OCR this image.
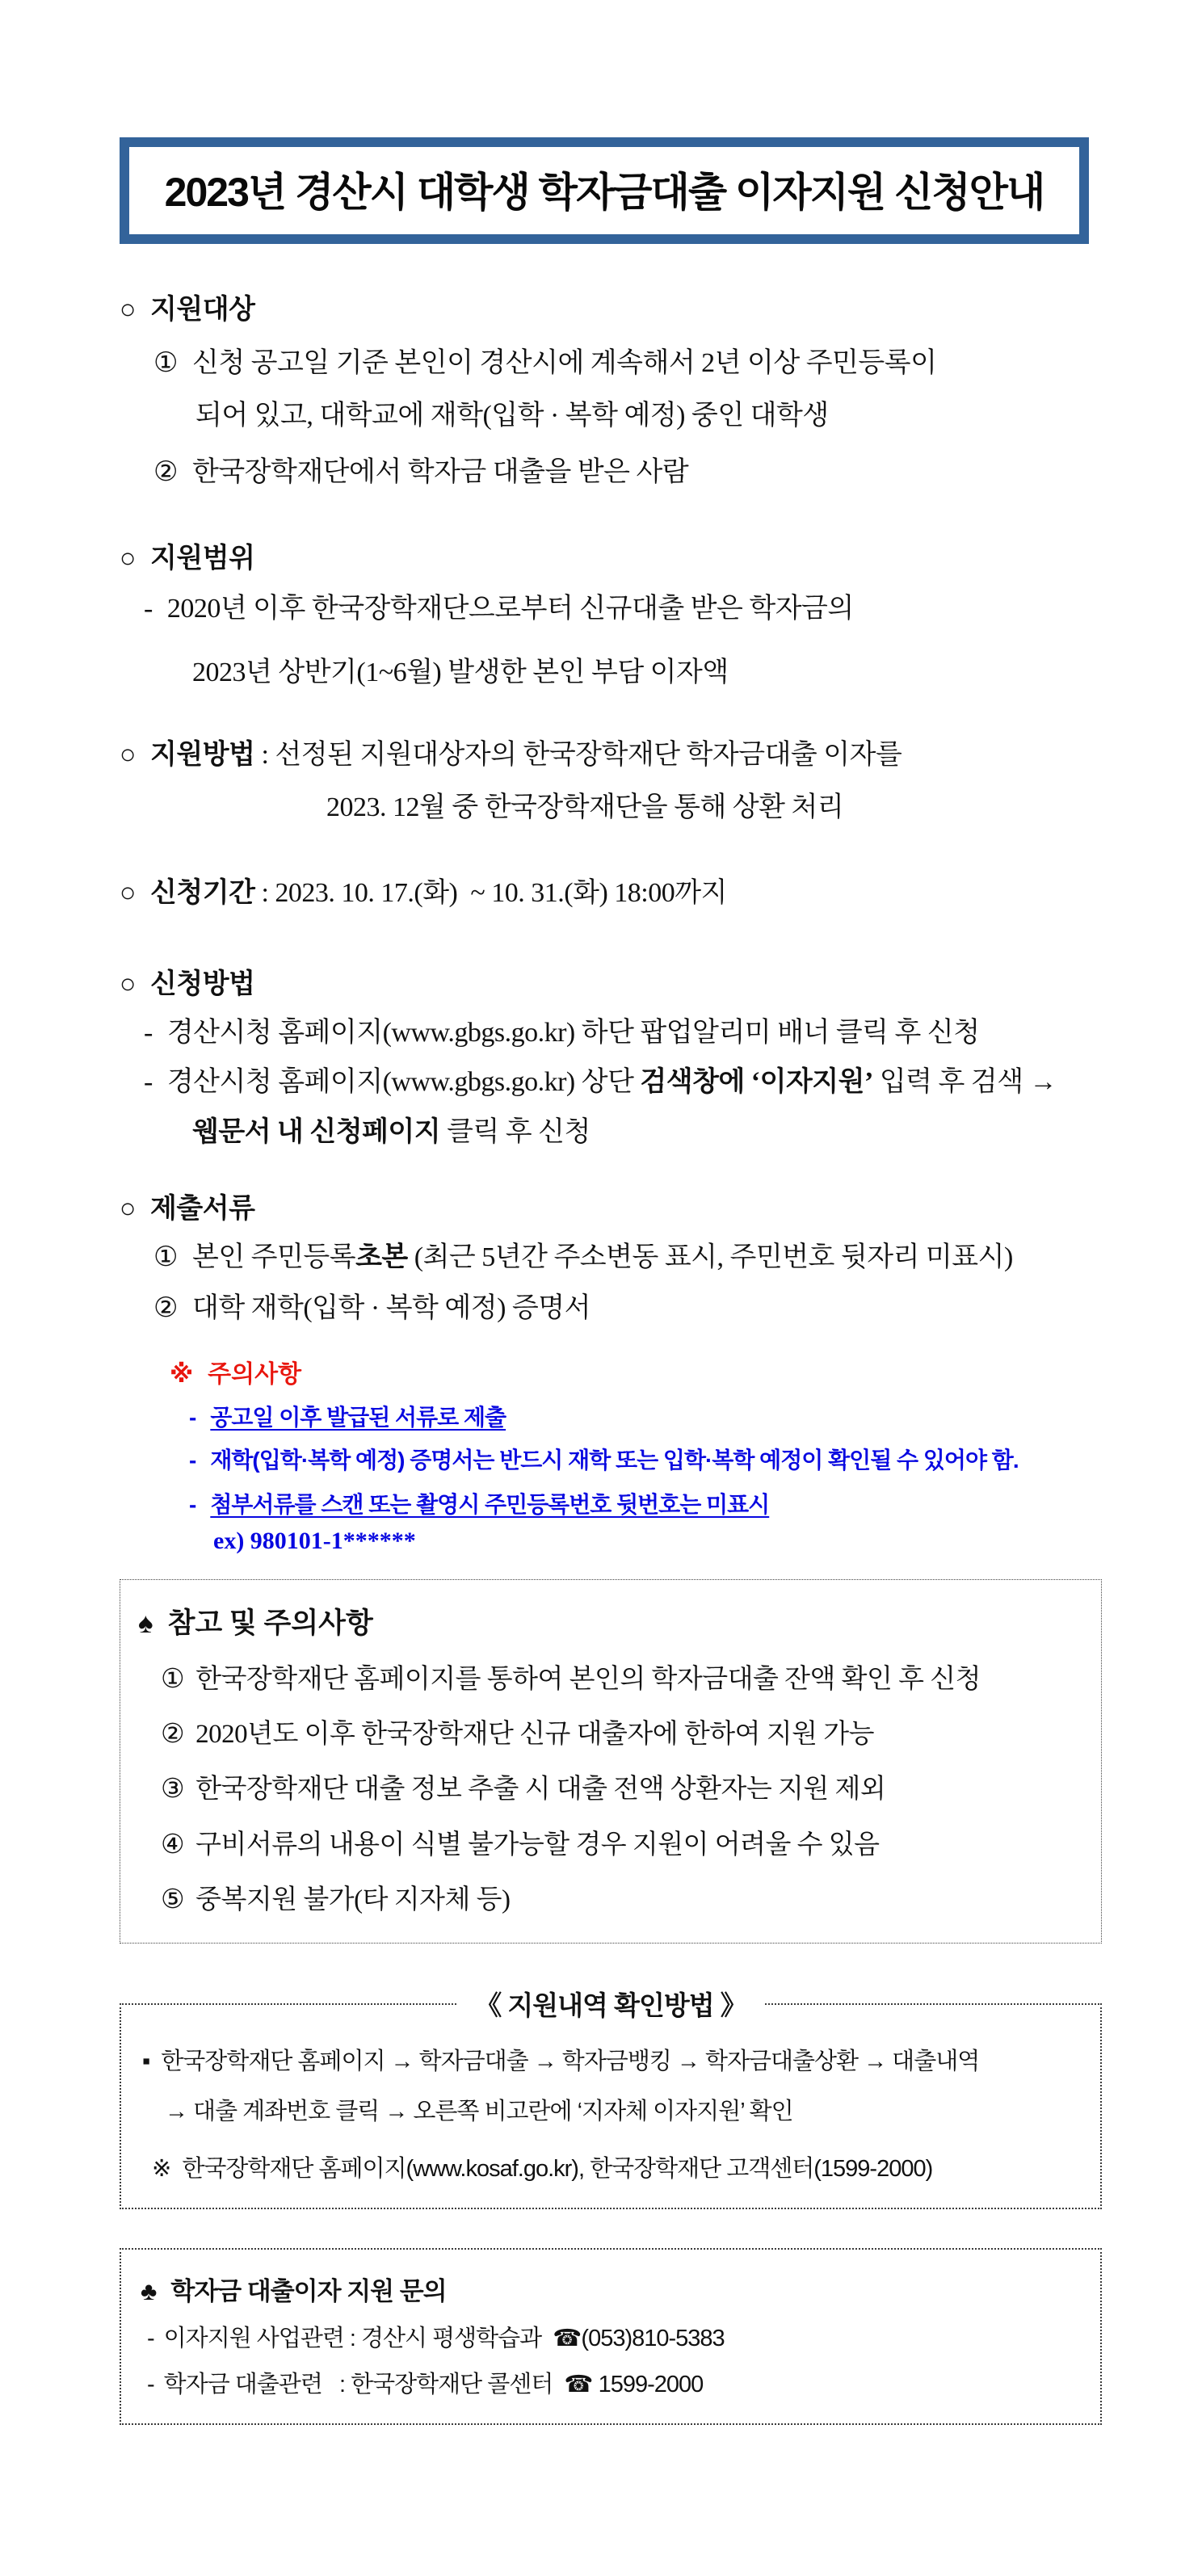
2023년 경산시 대학생 학자금대출 이자지원 신청안내
○ 지원대상
① 신청 공고일 기준 본인이 경산시에 계속해서 2년 이상 주민등록이
되어 있고, 대학교에 재학(입학 · 복학 예정) 중인 대학생
② 한국장학재단에서 학자금 대출을 받은 사람
○ 지원범위
- 2020년 이후 한국장학재단으로부터 신규대출 받은 학자금의
2023년 상반기(1~6월) 발생한 본인 부담 이자액
○ 지원방법 : 선정된 지원대상자의 한국장학재단 학자금대출 이자를
2023. 12월 중 한국장학재단을 통해 상환 처리
○ 신청기간 : 2023. 10. 17.(화)  ~ 10. 31.(화) 18:00까지
○ 신청방법
- 경산시청 홈페이지(www.gbgs.go.kr) 하단 팝업알리미 배너 클릭 후 신청
- 경산시청 홈페이지(www.gbgs.go.kr) 상단 검색창에 ‘이자지원’ 입력 후 검색 →
웹문서 내 신청페이지 클릭 후 신청
○ 제출서류
① 본인 주민등록초본 (최근 5년간 주소변동 표시, 주민번호 뒷자리 미표시)
② 대학 재학(입학 · 복학 예정) 증명서
※ 주의사항
- 공고일 이후 발급된 서류로 제출
- 재학(입학·복학 예정) 증명서는 반드시 재학 또는 입학·복학 예정이 확인될 수 있어야 함.
- 첨부서류를 스캔 또는 촬영시 주민등록번호 뒷번호는 미표시
ex) 980101-1******
♠ 참고 및 주의사항
① 한국장학재단 홈페이지를 통하여 본인의 학자금대출 잔액 확인 후 신청
② 2020년도 이후 한국장학재단 신규 대출자에 한하여 지원 가능
③ 한국장학재단 대출 정보 추출 시 대출 전액 상환자는 지원 제외
④ 구비서류의 내용이 식별 불가능할 경우 지원이 어려울 수 있음
⑤ 중복지원 불가(타 지자체 등)
《 지원내역 확인방법 》
▪ 한국장학재단 홈페이지 → 학자금대출 → 학자금뱅킹 → 학자금대출상환 → 대출내역
→ 대출 계좌번호 클릭 → 오른쪽 비고란에 ‘지자체 이자지원’ 확인
※ 한국장학재단 홈페이지(www.kosaf.go.kr), 한국장학재단 고객센터(1599-2000)
♣ 학자금 대출이자 지원 문의
- 이자지원 사업관련 : 경산시 평생학습과  ☎(053)810-5383
- 학자금 대출관련   : 한국장학재단 콜센터  ☎ 1599-2000
